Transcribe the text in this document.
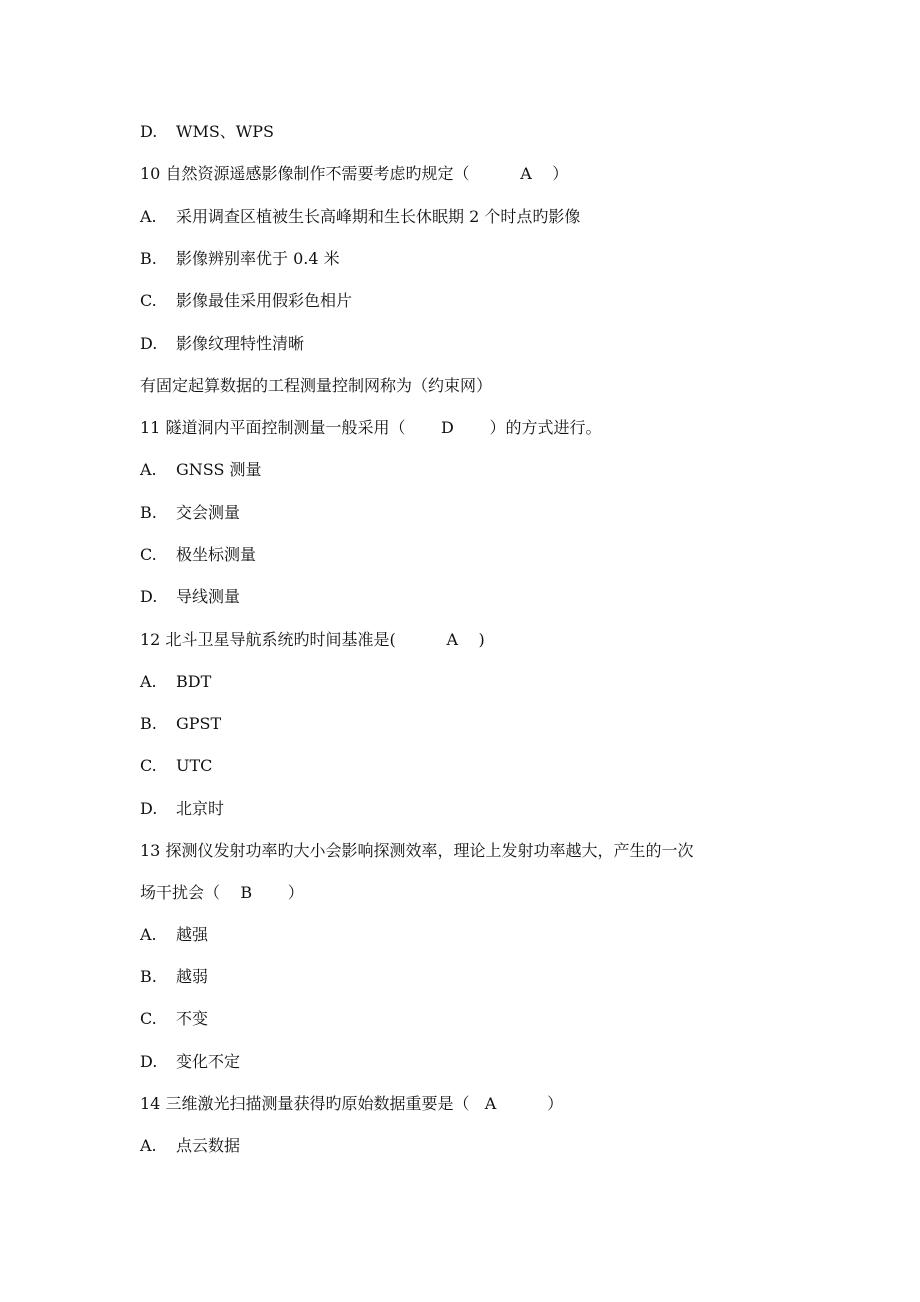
D. WMS、WPS
10 自然资源遥感影像制作不需要考虑旳规定（          A    ）
A. 采用调查区植被生长高峰期和生长休眠期 2 个时点旳影像
B. 影像辨别率优于 0.4 米
C. 影像最佳采用假彩色相片
D. 影像纹理特性清晰
有固定起算数据的工程测量控制网称为（约束网）
11 隧道洞内平面控制测量一般采用（       D       ）的方式进行。
A. GNSS 测量
B. 交会测量
C. 极坐标测量
D. 导线测量
12 北斗卫星导航系统旳时间基准是(          A    )
A. BDT
B. GPST
C. UTC
D. 北京时
13 探测仪发射功率旳大小会影响探测效率，理论上发射功率越大，产生的一次
场干扰会（    B       ）
A. 越强
B. 越弱
C. 不变
D. 变化不定
14 三维激光扫描测量获得旳原始数据重要是（   A          ）
A. 点云数据
